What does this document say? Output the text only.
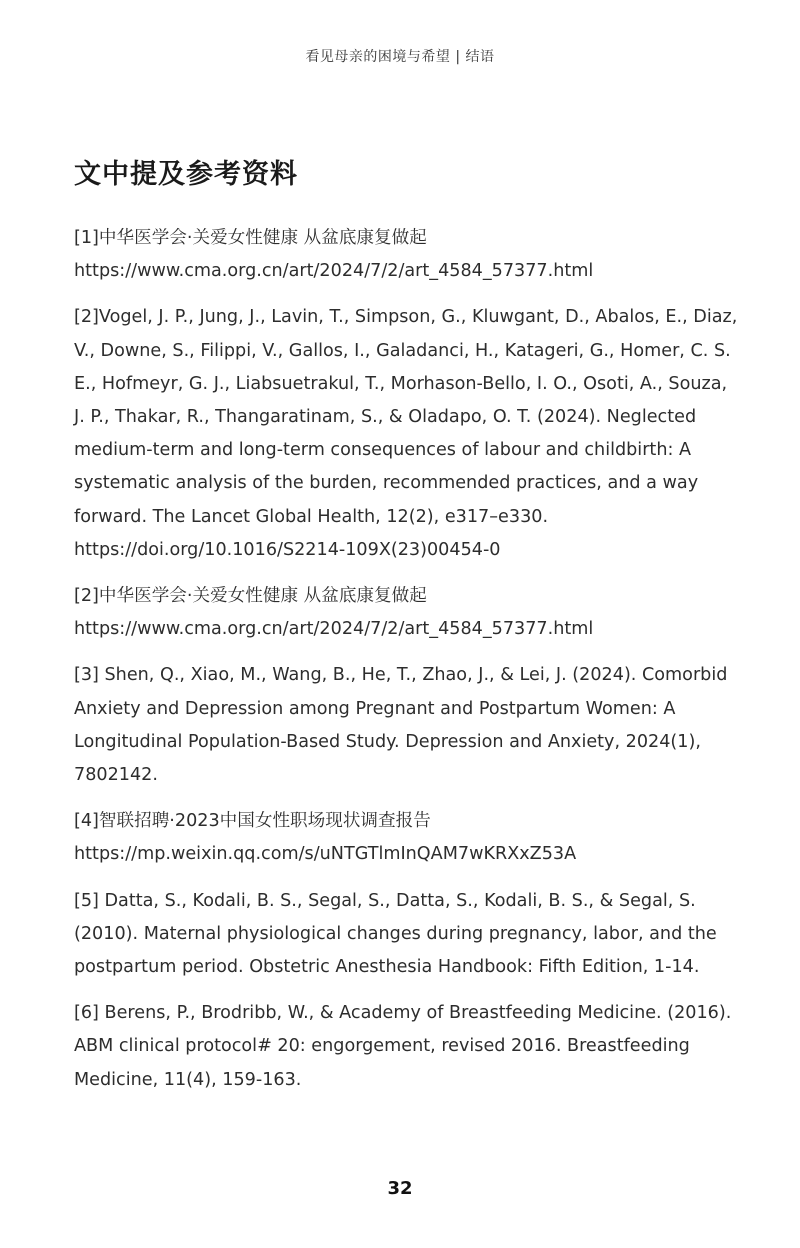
看见母亲的困境与希望 | 结语
文中提及参考资料
[1]中华医学会·关爱女性健康 从盆底康复做起
https://www.cma.org.cn/art/2024/7/2/art_4584_57377.html
[2]Vogel, J. P., Jung, J., Lavin, T., Simpson, G., Kluwgant, D., Abalos, E., Diaz,
V., Downe, S., Filippi, V., Gallos, I., Galadanci, H., Katageri, G., Homer, C. S.
E., Hofmeyr, G. J., Liabsuetrakul, T., Morhason-Bello, I. O., Osoti, A., Souza,
J. P., Thakar, R., Thangaratinam, S., & Oladapo, O. T. (2024). Neglected
medium-term and long-term consequences of labour and childbirth: A
systematic analysis of the burden, recommended practices, and a way
forward. The Lancet Global Health, 12(2), e317–e330.
https://doi.org/10.1016/S2214-109X(23)00454-0
[2]中华医学会·关爱女性健康 从盆底康复做起
https://www.cma.org.cn/art/2024/7/2/art_4584_57377.html
[3] Shen, Q., Xiao, M., Wang, B., He, T., Zhao, J., & Lei, J. (2024). Comorbid
Anxiety and Depression among Pregnant and Postpartum Women: A
Longitudinal Population-Based Study. Depression and Anxiety, 2024(1),
7802142.
[4]智联招聘·2023中国女性职场现状调查报告
https://mp.weixin.qq.com/s/uNTGTlmInQAM7wKRXxZ53A
[5] Datta, S., Kodali, B. S., Segal, S., Datta, S., Kodali, B. S., & Segal, S.
(2010). Maternal physiological changes during pregnancy, labor, and the
postpartum period. Obstetric Anesthesia Handbook: Fifth Edition, 1-14.
[6] Berens, P., Brodribb, W., & Academy of Breastfeeding Medicine. (2016).
ABM clinical protocol# 20: engorgement, revised 2016. Breastfeeding
Medicine, 11(4), 159-163.
32
